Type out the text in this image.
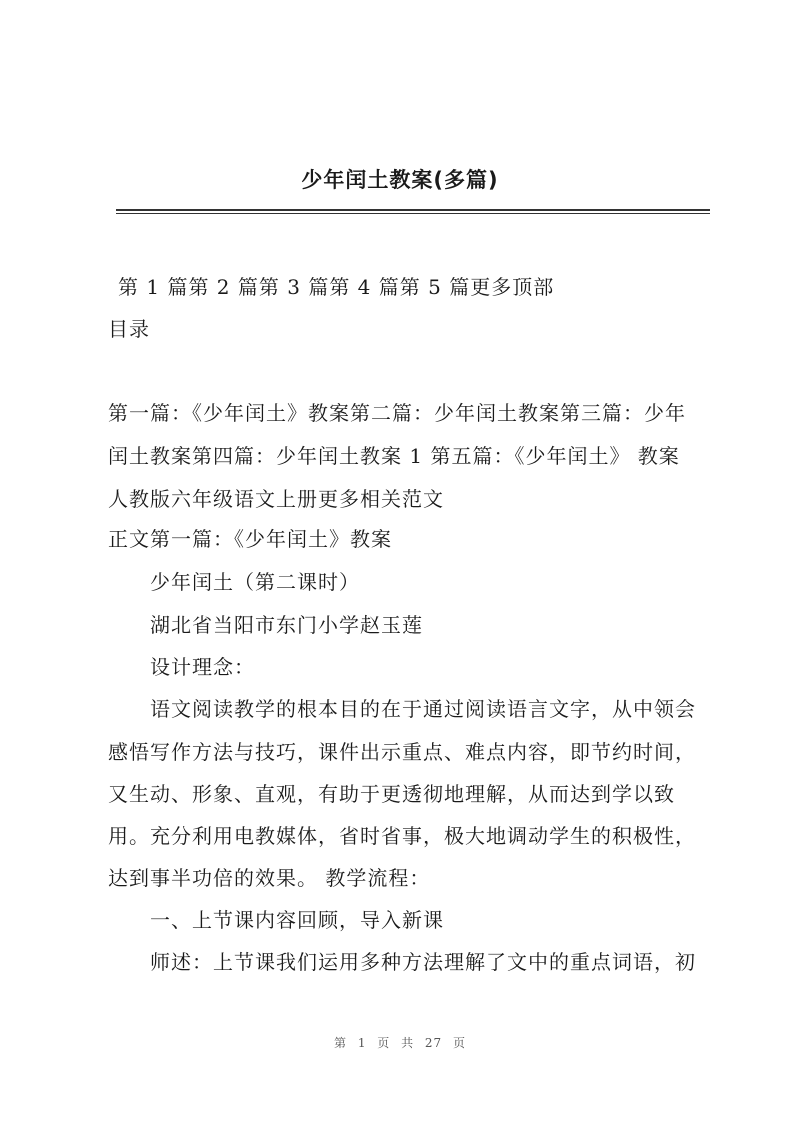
少年闰土教案(多篇)
第 1 篇第 2 篇第 3 篇第 4 篇第 5 篇更多顶部
目录
第一篇：《少年闰土》教案第二篇：少年闰土教案第三篇：少年
闰土教案第四篇：少年闰土教案 1 第五篇：《少年闰土》 教案
人教版六年级语文上册更多相关范文
正文第一篇：《少年闰土》教案
少年闰土（第二课时）
湖北省当阳市东门小学赵玉莲
设计理念：
语文阅读教学的根本目的在于通过阅读语言文字，从中领会
感悟写作方法与技巧，课件出示重点、难点内容，即节约时间，
又生动、形象、直观，有助于更透彻地理解，从而达到学以致
用。充分利用电教媒体，省时省事，极大地调动学生的积极性，
达到事半功倍的效果。 教学流程：
一、上节课内容回顾，导入新课
师述：上节课我们运用多种方法理解了文中的重点词语，初
第 1 页 共 27 页
